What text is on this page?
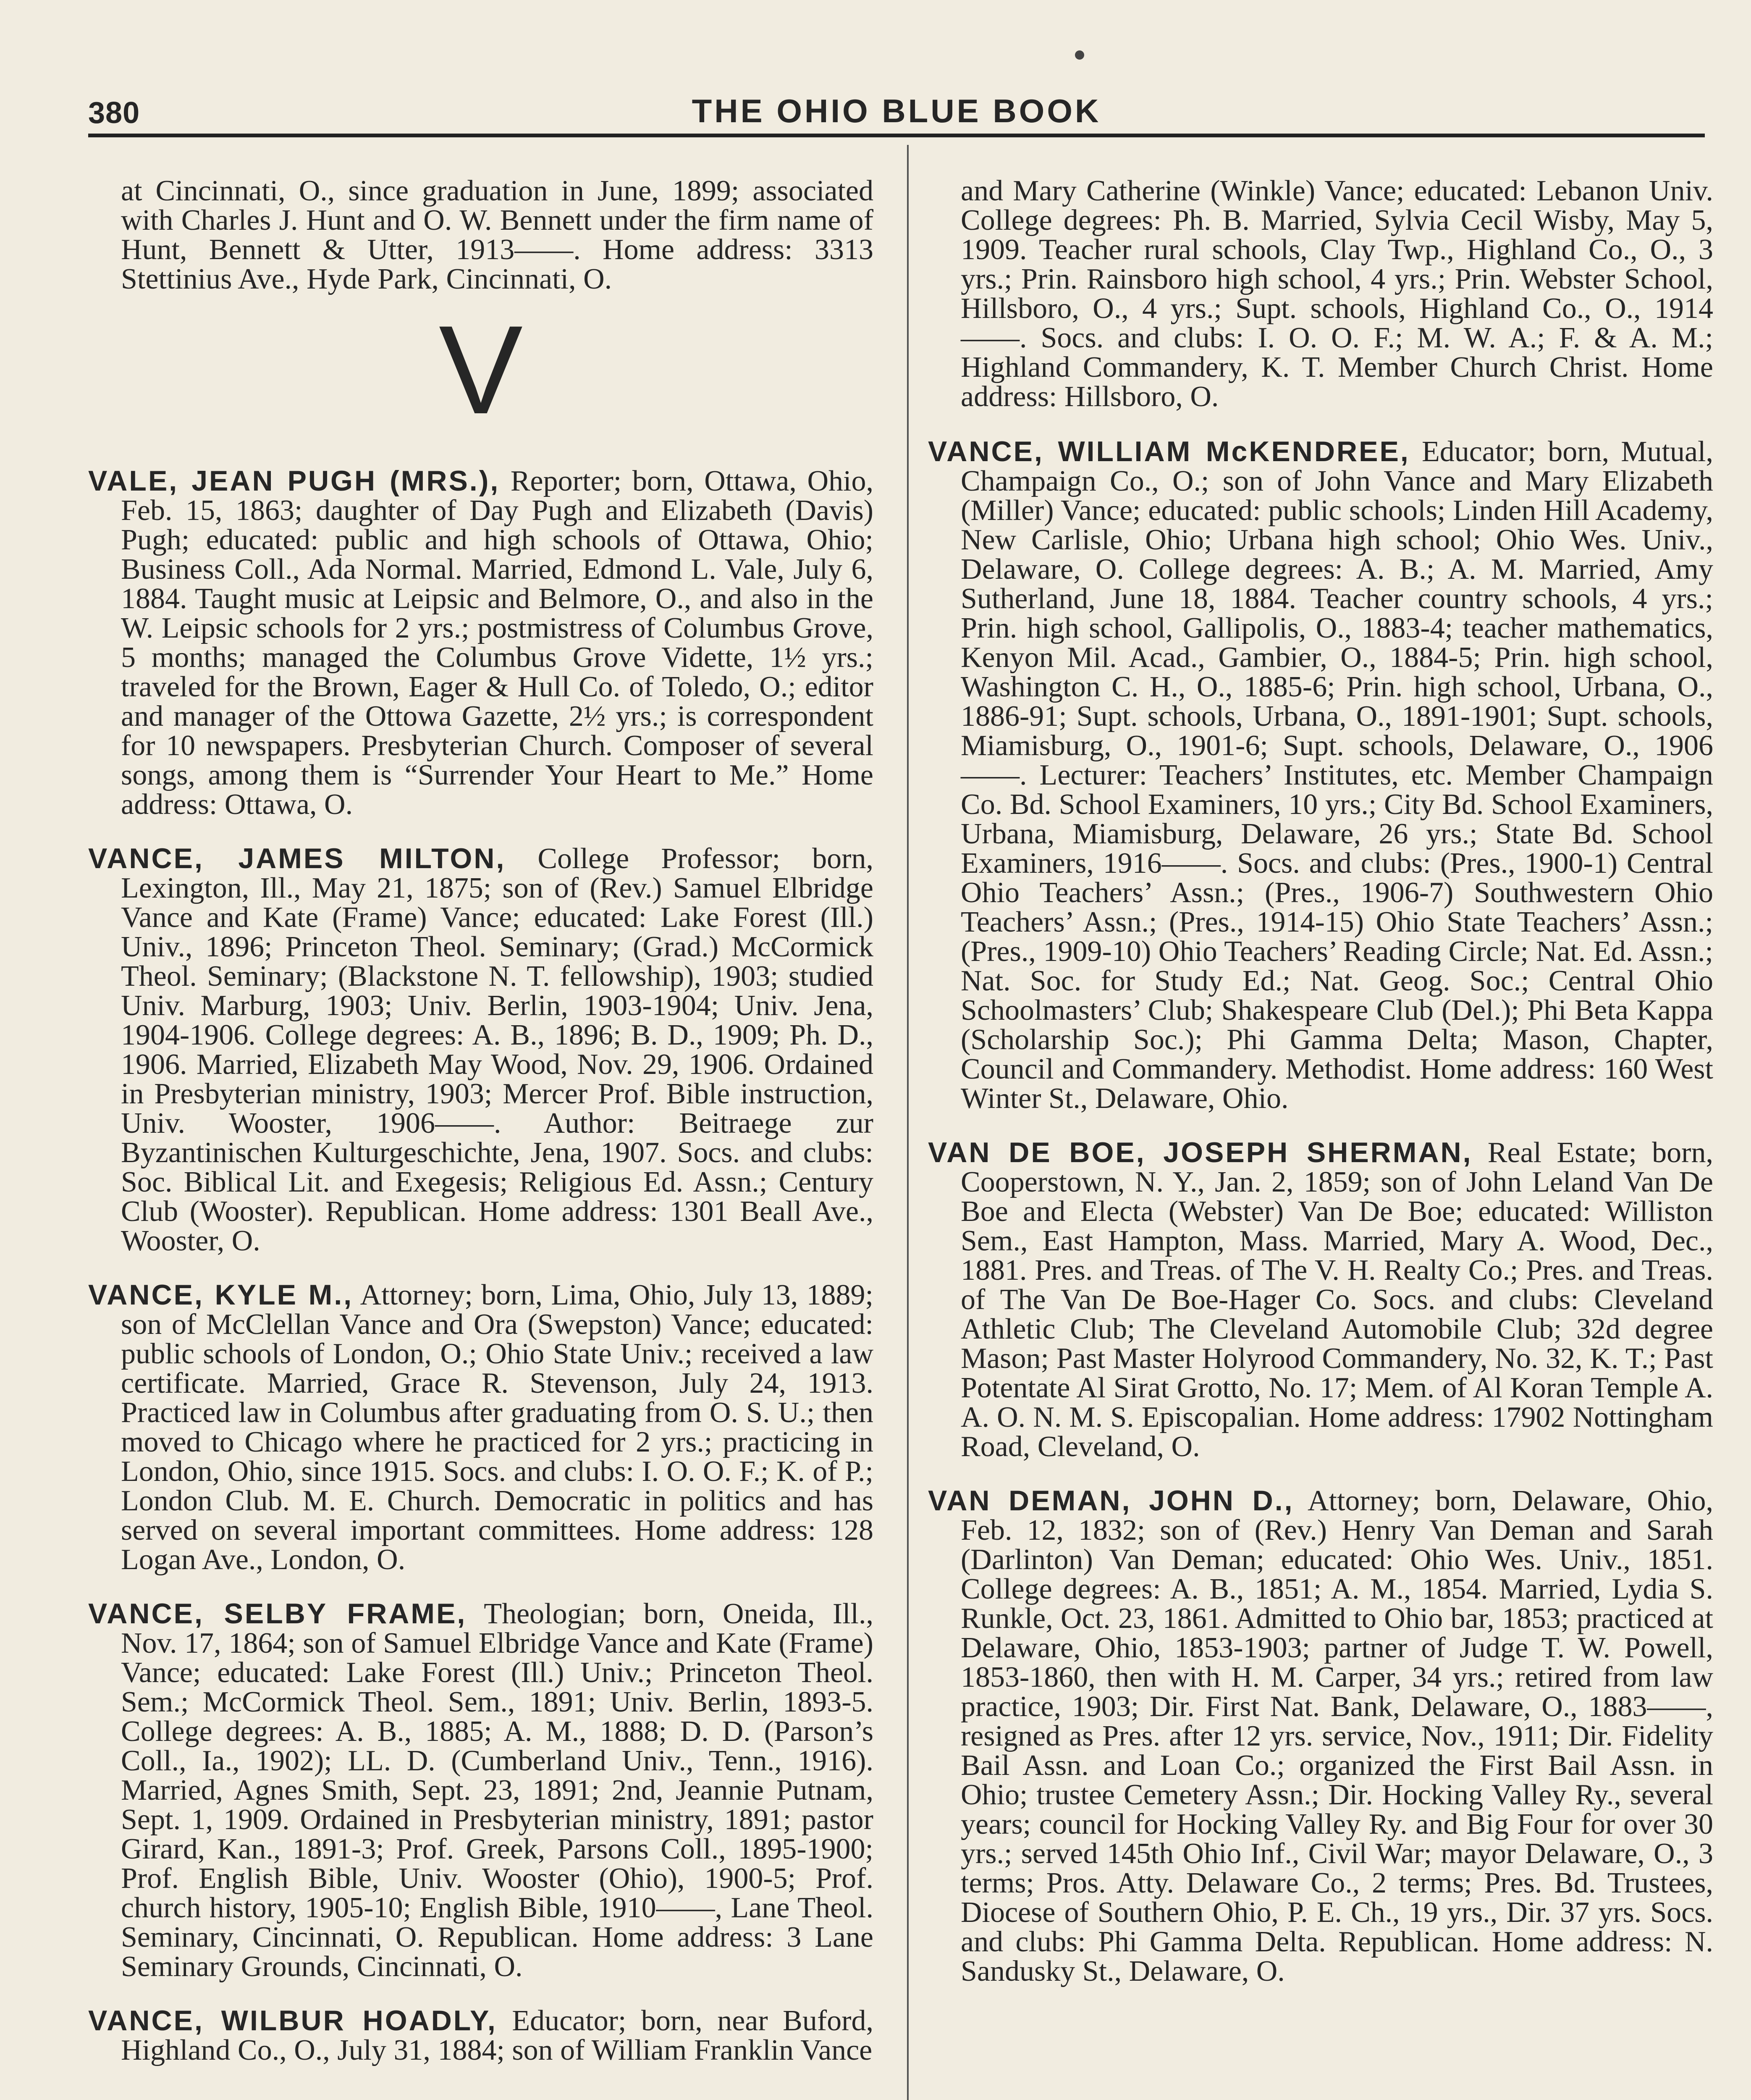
380	THE OHIO BLUE BOOK

at Cincinnati, O., since graduation in June, 1899; associated with Charles J. Hunt and O. W. Bennett under the firm name of Hunt, Bennett & Utter, 1913——. Home address: 3313 Stettinius Ave., Hyde Park, Cincinnati, O.

V

VALE, JEAN PUGH (MRS.), Reporter; born, Ottawa, Ohio, Feb. 15, 1863; daughter of Day Pugh and Elizabeth (Davis) Pugh; educated: public and high schools of Ottawa, Ohio; Business Coll., Ada Normal. Married, Edmond L. Vale, July 6, 1884. Taught music at Leipsic and Belmore, O., and also in the W. Leipsic schools for 2 yrs.; postmistress of Columbus Grove, 5 months; managed the Columbus Grove Vidette, 1½ yrs.; traveled for the Brown, Eager & Hull Co. of Toledo, O.; editor and manager of the Ottowa Gazette, 2½ yrs.; is correspondent for 10 newspapers. Presbyterian Church. Composer of several songs, among them is “Surrender Your Heart to Me.” Home address: Ottawa, O.

VANCE, JAMES MILTON, College Professor; born, Lexington, Ill., May 21, 1875; son of (Rev.) Samuel Elbridge Vance and Kate (Frame) Vance; educated: Lake Forest (Ill.) Univ., 1896; Princeton Theol. Seminary; (Grad.) McCormick Theol. Seminary; (Blackstone N. T. fellowship), 1903; studied Univ. Marburg, 1903; Univ. Berlin, 1903-1904; Univ. Jena, 1904-1906. College degrees: A. B., 1896; B. D., 1909; Ph. D., 1906. Married, Elizabeth May Wood, Nov. 29, 1906. Ordained in Presbyterian ministry, 1903; Mercer Prof. Bible instruction, Univ. Wooster, 1906——. Author: Beitraege zur Byzantinischen Kulturgeschichte, Jena, 1907. Socs. and clubs: Soc. Biblical Lit. and Exegesis; Religious Ed. Assn.; Century Club (Wooster). Republican. Home address: 1301 Beall Ave., Wooster, O.

VANCE, KYLE M., Attorney; born, Lima, Ohio, July 13, 1889; son of McClellan Vance and Ora (Swepston) Vance; educated: public schools of London, O.; Ohio State Univ.; received a law certificate. Married, Grace R. Stevenson, July 24, 1913. Practiced law in Columbus after graduating from O. S. U.; then moved to Chicago where he practiced for 2 yrs.; practicing in London, Ohio, since 1915. Socs. and clubs: I. O. O. F.; K. of P.; London Club. M. E. Church. Democratic in politics and has served on several important committees. Home address: 128 Logan Ave., London, O.

VANCE, SELBY FRAME, Theologian; born, Oneida, Ill., Nov. 17, 1864; son of Samuel Elbridge Vance and Kate (Frame) Vance; educated: Lake Forest (Ill.) Univ.; Princeton Theol. Sem.; McCormick Theol. Sem., 1891; Univ. Berlin, 1893-5. College degrees: A. B., 1885; A. M., 1888; D. D. (Parson’s Coll., Ia., 1902); LL. D. (Cumberland Univ., Tenn., 1916). Married, Agnes Smith, Sept. 23, 1891; 2nd, Jeannie Putnam, Sept. 1, 1909. Ordained in Presbyterian ministry, 1891; pastor Girard, Kan., 1891-3; Prof. Greek, Parsons Coll., 1895-1900; Prof. English Bible, Univ. Wooster (Ohio), 1900-5; Prof. church history, 1905-10; English Bible, 1910——, Lane Theol. Seminary, Cincinnati, O. Republican. Home address: 3 Lane Seminary Grounds, Cincinnati, O.

VANCE, WILBUR HOADLY, Educator; born, near Buford, Highland Co., O., July 31, 1884; son of William Franklin Vance

and Mary Catherine (Winkle) Vance; educated: Lebanon Univ. College degrees: Ph. B. Married, Sylvia Cecil Wisby, May 5, 1909. Teacher rural schools, Clay Twp., Highland Co., O., 3 yrs.; Prin. Rainsboro high school, 4 yrs.; Prin. Webster School, Hillsboro, O., 4 yrs.; Supt. schools, Highland Co., O., 1914——. Socs. and clubs: I. O. O. F.; M. W. A.; F. & A. M.; Highland Commandery, K. T. Member Church Christ. Home address: Hillsboro, O.

VANCE, WILLIAM McKENDREE, Educator; born, Mutual, Champaign Co., O.; son of John Vance and Mary Elizabeth (Miller) Vance; educated: public schools; Linden Hill Academy, New Carlisle, Ohio; Urbana high school; Ohio Wes. Univ., Delaware, O. College degrees: A. B.; A. M. Married, Amy Sutherland, June 18, 1884. Teacher country schools, 4 yrs.; Prin. high school, Gallipolis, O., 1883-4; teacher mathematics, Kenyon Mil. Acad., Gambier, O., 1884-5; Prin. high school, Washington C. H., O., 1885-6; Prin. high school, Urbana, O., 1886-91; Supt. schools, Urbana, O., 1891-1901; Supt. schools, Miamisburg, O., 1901-6; Supt. schools, Delaware, O., 1906——. Lecturer: Teachers’ Institutes, etc. Member Champaign Co. Bd. School Examiners, 10 yrs.; City Bd. School Examiners, Urbana, Miamisburg, Delaware, 26 yrs.; State Bd. School Examiners, 1916——. Socs. and clubs: (Pres., 1900-1) Central Ohio Teachers’ Assn.; (Pres., 1906-7) Southwestern Ohio Teachers’ Assn.; (Pres., 1914-15) Ohio State Teachers’ Assn.; (Pres., 1909-10) Ohio Teachers’ Reading Circle; Nat. Ed. Assn.; Nat. Soc. for Study Ed.; Nat. Geog. Soc.; Central Ohio Schoolmasters’ Club; Shakespeare Club (Del.); Phi Beta Kappa (Scholarship Soc.); Phi Gamma Delta; Mason, Chapter, Council and Commandery. Methodist. Home address: 160 West Winter St., Delaware, Ohio.

VAN DE BOE, JOSEPH SHERMAN, Real Estate; born, Cooperstown, N. Y., Jan. 2, 1859; son of John Leland Van De Boe and Electa (Webster) Van De Boe; educated: Williston Sem., East Hampton, Mass. Married, Mary A. Wood, Dec., 1881. Pres. and Treas. of The V. H. Realty Co.; Pres. and Treas. of The Van De Boe-Hager Co. Socs. and clubs: Cleveland Athletic Club; The Cleveland Automobile Club; 32d degree Mason; Past Master Holyrood Commandery, No. 32, K. T.; Past Potentate Al Sirat Grotto, No. 17; Mem. of Al Koran Temple A. A. O. N. M. S. Episcopalian. Home address: 17902 Nottingham Road, Cleveland, O.

VAN DEMAN, JOHN D., Attorney; born, Delaware, Ohio, Feb. 12, 1832; son of (Rev.) Henry Van Deman and Sarah (Darlinton) Van Deman; educated: Ohio Wes. Univ., 1851. College degrees: A. B., 1851; A. M., 1854. Married, Lydia S. Runkle, Oct. 23, 1861. Admitted to Ohio bar, 1853; practiced at Delaware, Ohio, 1853-1903; partner of Judge T. W. Powell, 1853-1860, then with H. M. Carper, 34 yrs.; retired from law practice, 1903; Dir. First Nat. Bank, Delaware, O., 1883——, resigned as Pres. after 12 yrs. service, Nov., 1911; Dir. Fidelity Bail Assn. and Loan Co.; organized the First Bail Assn. in Ohio; trustee Cemetery Assn.; Dir. Hocking Valley Ry., several years; council for Hocking Valley Ry. and Big Four for over 30 yrs.; served 145th Ohio Inf., Civil War; mayor Delaware, O., 3 terms; Pros. Atty. Delaware Co., 2 terms; Pres. Bd. Trustees, Diocese of Southern Ohio, P. E. Ch., 19 yrs., Dir. 37 yrs. Socs. and clubs: Phi Gamma Delta. Republican. Home address: N. Sandusky St., Delaware, O.
